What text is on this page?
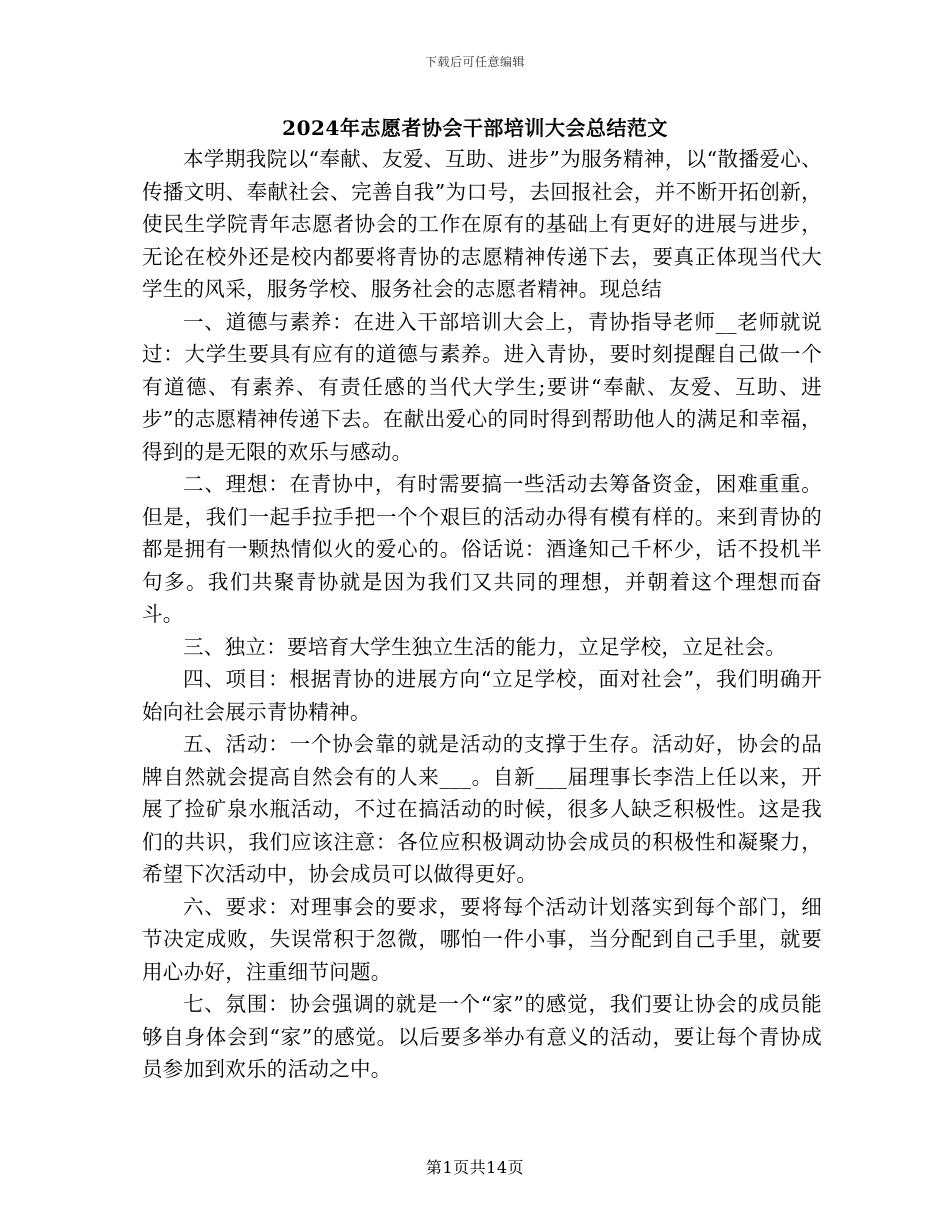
下载后可任意编辑
2024年志愿者协会干部培训大会总结范文

本学期我院以“奉献、友爱、互助、进步”为服务精神，以“散播爱心、传播文明、奉献社会、完善自我”为口号，去回报社会，并不断开拓创新，使民生学院青年志愿者协会的工作在原有的基础上有更好的进展与进步，无论在校外还是校内都要将青协的志愿精神传递下去，要真正体现当代大学生的风采，服务学校、服务社会的志愿者精神。现总结

一、道德与素养：在进入干部培训大会上，青协指导老师__老师就说过：大学生要具有应有的道德与素养。进入青协，要时刻提醒自己做一个有道德、有素养、有责任感的当代大学生;要讲“奉献、友爱、互助、进步”的志愿精神传递下去。在献出爱心的同时得到帮助他人的满足和幸福，得到的是无限的欢乐与感动。

二、理想：在青协中，有时需要搞一些活动去筹备资金，困难重重。但是，我们一起手拉手把一个个艰巨的活动办得有模有样的。来到青协的都是拥有一颗热情似火的爱心的。俗话说：酒逢知己千杯少，话不投机半句多。我们共聚青协就是因为我们又共同的理想，并朝着这个理想而奋斗。

三、独立：要培育大学生独立生活的能力，立足学校，立足社会。

四、项目：根据青协的进展方向“立足学校，面对社会”，我们明确开始向社会展示青协精神。

五、活动：一个协会靠的就是活动的支撑于生存。活动好，协会的品牌自然就会提高自然会有的人来___。自新___届理事长李浩上任以来，开展了捡矿泉水瓶活动，不过在搞活动的时候，很多人缺乏积极性。这是我们的共识，我们应该注意：各位应积极调动协会成员的积极性和凝聚力，希望下次活动中，协会成员可以做得更好。

六、要求：对理事会的要求，要将每个活动计划落实到每个部门，细节决定成败，失误常积于忽微，哪怕一件小事，当分配到自己手里，就要用心办好，注重细节问题。

七、氛围：协会强调的就是一个“家”的感觉，我们要让协会的成员能够自身体会到“家”的感觉。以后要多举办有意义的活动，要让每个青协成员参加到欢乐的活动之中。

第1页共14页
